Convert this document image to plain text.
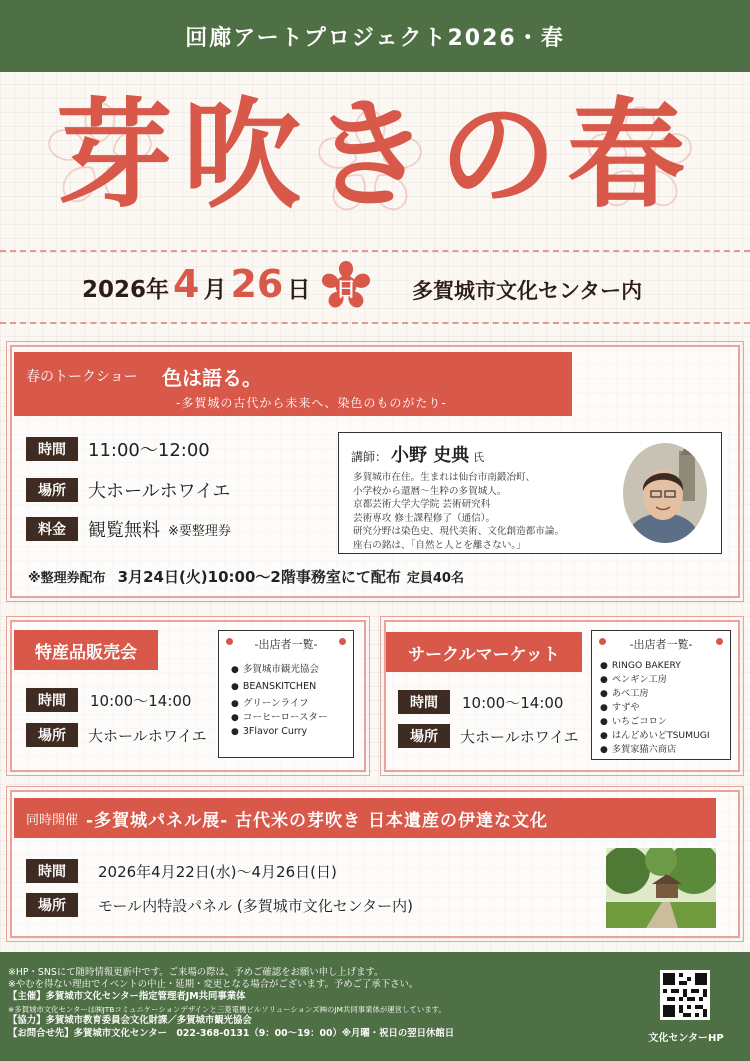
回廊アートプロジェクト2026・春
芽吹きの春
2026 年 4 月 26 日	日	多賀城市文化センター内
春のトークショー 色は語る。
-多賀城の古代から未来へ、染色のものがたり-
時間	11:00〜12:00
場所	大ホールホワイエ
料金	観覧無料 ※要整理券
講師： 小野 史典 氏
多賀城市在住。生まれは仙台市南鍛冶町、
小学校から還暦〜生粋の多賀城人。
京都芸術大学大学院 芸術研究科
芸術専攻 修士課程修了（通信）。
研究分野は染色史、現代美術、文化創造都市論。
座右の銘は、「自然と人とを離さない。」
※整理券配布 3月24日(火)10:00〜2階事務室にて配布 定員40名
特産品販売会
時間	10:00〜14:00
場所	大ホールホワイエ
-出店者一覧-
● 多賀城市観光協会
● BEANSKITCHEN
● グリーンライフ
● コーヒーロースター
● 3Flavor Curry
サークルマーケット
時間	10:00〜14:00
場所	大ホールホワイエ
-出店者一覧-
● RINGO BAKERY
● ペンギン工房
● あべ工房
● すずや
● いちごコロン
● はんどめいどTSUMUGI
● 多賀家猫六商店
同時開催 -多賀城パネル展- 古代米の芽吹き 日本遺産の伊達な文化
時間	2026年4月22日(水)〜4月26日(日)
場所	モール内特設パネル (多賀城市文化センター内)
※HP・SNSにて随時情報更新中です。ご来場の際は、予めご確認をお願い申し上げます。
※やむを得ない理由でイベントの中止・延期・変更となる場合がございます。予めご了承下さい。
【主催】多賀城市文化センター指定管理者JM共同事業体
※多賀城市文化センターは㈱JTBコミュニケーションデザインと三菱電機ビルソリューションズ㈱のJM共同事業体が運営しています。
【協力】多賀城市教育委員会文化財課／多賀城市観光協会
【お問合せ先】多賀城市文化センター　022-368-0131（9：00〜19：00）※月曜・祝日の翌日休館日	文化センターHP
